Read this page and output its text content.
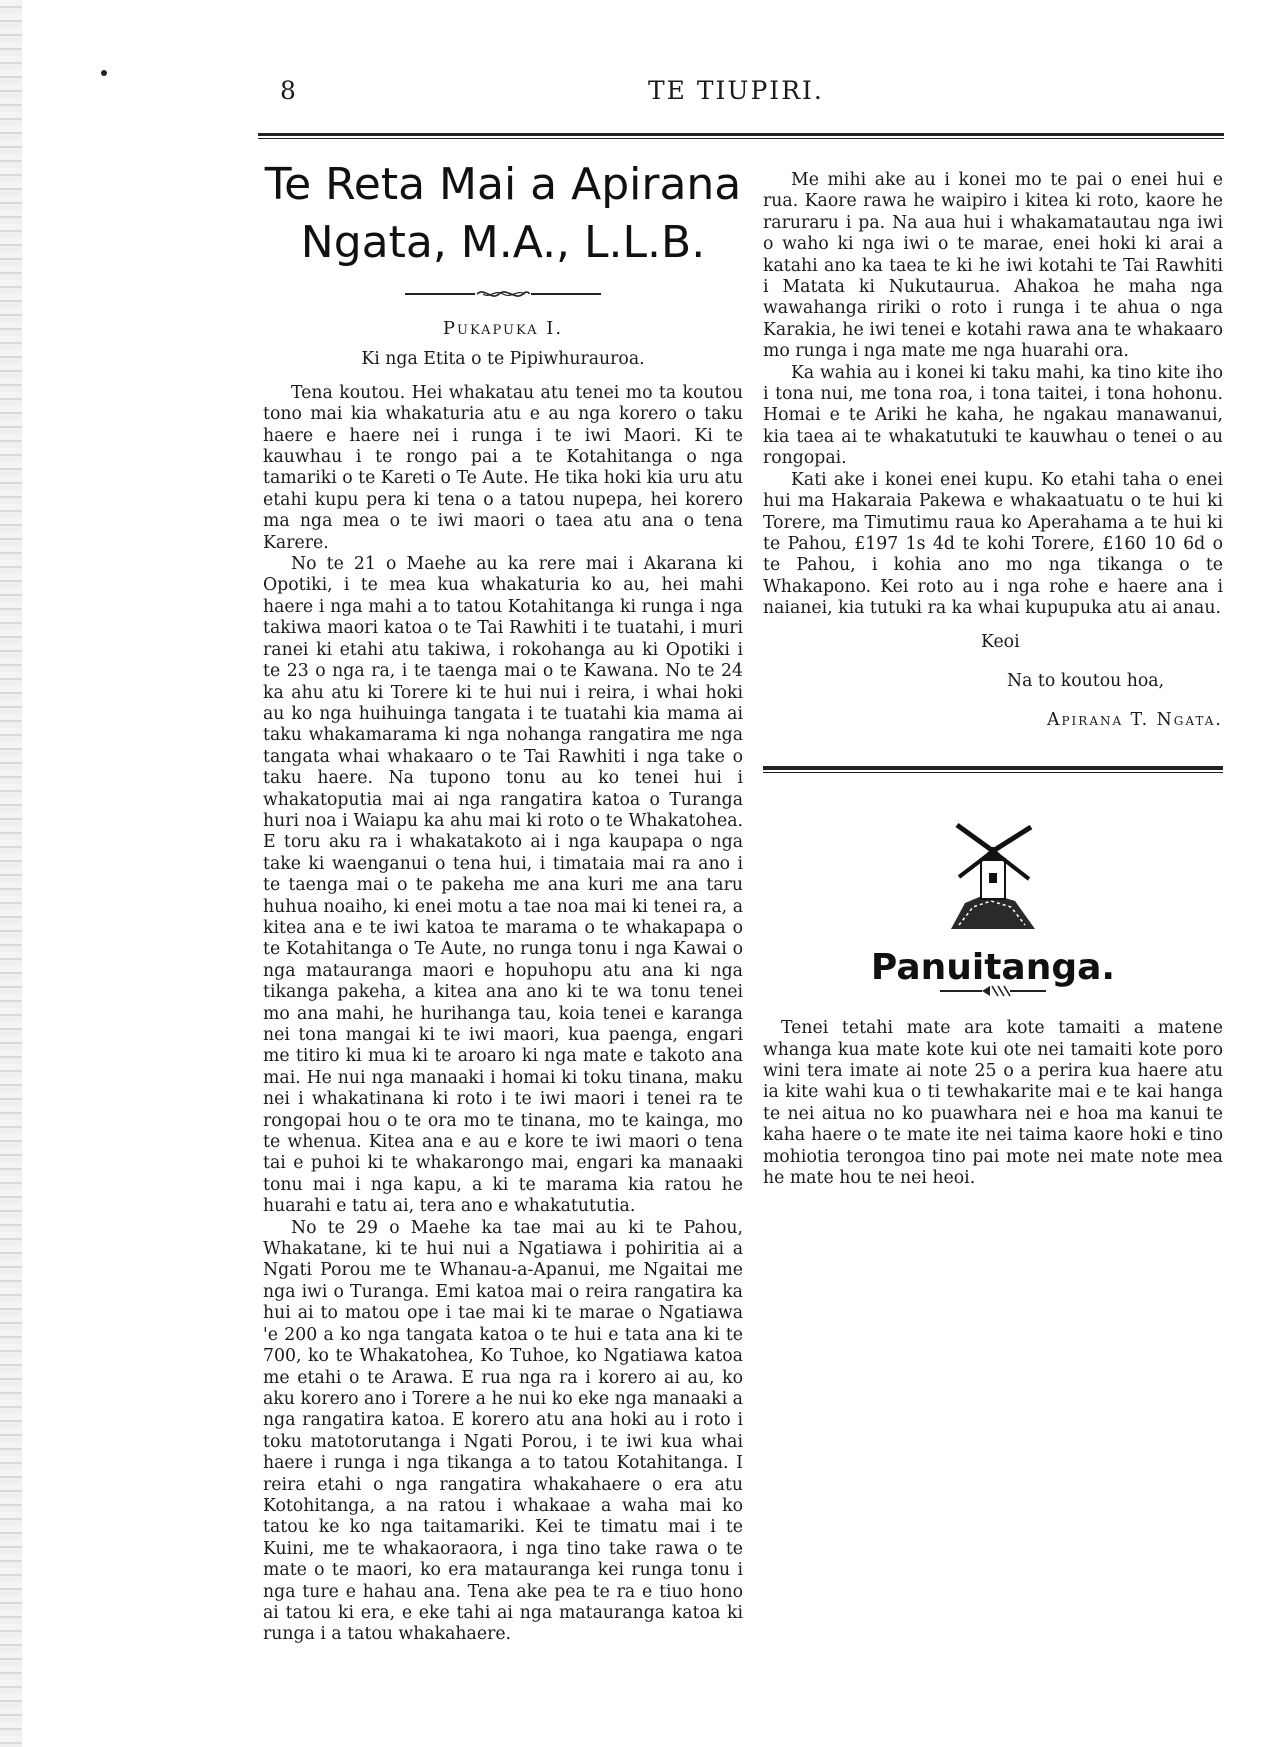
8	TE TIUPIRI.
Te Reta Mai a Apirana
Ngata, M.A., L.L.B.
Pukapuka I.
Ki nga Etita o te Pipiwhurauroa.

Tena koutou. Hei whakatau atu tenei mo ta koutou tono mai kia whakaturia atu e au nga korero o taku haere e haere nei i runga i te iwi Maori. Ki te kauwhau i te rongo pai a te Kotahitanga o nga tamariki o te Kareti o Te Aute. He tika hoki kia uru atu etahi kupu pera ki tena o a tatou nupepa, hei korero ma nga mea o te iwi maori o taea atu ana o tena Karere.

No te 21 o Maehe au ka rere mai i Akarana ki Opotiki, i te mea kua whakaturia ko au, hei mahi haere i nga mahi a to tatou Kotahitanga ki runga i nga takiwa maori katoa o te Tai Rawhiti i te tuatahi, i muri ranei ki etahi atu takiwa, i rokohanga au ki Opotiki i te 23 o nga ra, i te taenga mai o te Kawana. No te 24 ka ahu atu ki Torere ki te hui nui i reira, i whai hoki au ko nga huihuinga tangata i te tuatahi kia mama ai taku whakamarama ki nga nohanga rangatira me nga tangata whai whakaaro o te Tai Rawhiti i nga take o taku haere. Na tupono tonu au ko tenei hui i whakatoputia mai ai nga rangatira katoa o Turanga huri noa i Waiapu ka ahu mai ki roto o te Whakatohea. E toru aku ra i whakatakoto ai i nga kaupapa o nga take ki waenganui o tena hui, i timataia mai ra ano i te taenga mai o te pakeha me ana kuri me ana taru huhua noaiho, ki enei motu a tae noa mai ki tenei ra, a kitea ana e te iwi katoa te marama o te whakapapa o te Kotahitanga o Te Aute, no runga tonu i nga Kawai o nga matauranga maori e hopuhopu atu ana ki nga tikanga pakeha, a kitea ana ano ki te wa tonu tenei mo ana mahi, he hurihanga tau, koia tenei e karanga nei tona mangai ki te iwi maori, kua paenga, engari me titiro ki mua ki te aroaro ki nga mate e takoto ana mai. He nui nga manaaki i homai ki toku tinana, maku nei i whakatinana ki roto i te iwi maori i tenei ra te rongopai hou o te ora mo te tinana, mo te kainga, mo te whenua. Kitea ana e au e kore te iwi maori o tena tai e puhoi ki te whakarongo mai, engari ka manaaki tonu mai i nga kapu, a ki te marama kia ratou he huarahi e tatu ai, tera ano e whakatututia.

No te 29 o Maehe ka tae mai au ki te Pahou, Whakatane, ki te hui nui a Ngatiawa i pohiritia ai a Ngati Porou me te Whanau-a-Apanui, me Ngaitai me nga iwi o Turanga. Emi katoa mai o reira rangatira ka hui ai to matou ope i tae mai ki te marae o Ngatiawa 'e 200 a ko nga tangata katoa o te hui e tata ana ki te 700, ko te Whakatohea, Ko Tuhoe, ko Ngatiawa katoa me etahi o te Arawa. E rua nga ra i korero ai au, ko aku korero ano i Torere a he nui ko eke nga manaaki a nga rangatira katoa. E korero atu ana hoki au i roto i toku matotorutanga i Ngati Porou, i te iwi kua whai haere i runga i nga tikanga a to tatou Kotahitanga. I reira etahi o nga rangatira whakahaere o era atu Kotohitanga, a na ratou i whakaae a waha mai ko tatou ke ko nga taitamariki. Kei te timatu mai i te Kuini, me te whakaoraora, i nga tino take rawa o te mate o te maori, ko era matauranga kei runga tonu i nga ture e hahau ana. Tena ake pea te ra e tiuo hono ai tatou ki era, e eke tahi ai nga matauranga katoa ki runga i a tatou whakahaere.

Me mihi ake au i konei mo te pai o enei hui e rua. Kaore rawa he waipiro i kitea ki roto, kaore he raruraru i pa. Na aua hui i whakamatautau nga iwi o waho ki nga iwi o te marae, enei hoki ki arai a katahi ano ka taea te ki he iwi kotahi te Tai Rawhiti i Matata ki Nukutaurua. Ahakoa he maha nga wawahanga ririki o roto i runga i te ahua o nga Karakia, he iwi tenei e kotahi rawa ana te whakaaro mo runga i nga mate me nga huarahi ora.

Ka wahia au i konei ki taku mahi, ka tino kite iho i tona nui, me tona roa, i tona taitei, i tona hohonu. Homai e te Ariki he kaha, he ngakau manawanui, kia taea ai te whakatutuki te kauwhau o tenei o au rongopai.

Kati ake i konei enei kupu. Ko etahi taha o enei hui ma Hakaraia Pakewa e whakaatuatu o te hui ki Torere, ma Timutimu raua ko Aperahama a te hui ki te Pahou, £197 1s 4d te kohi Torere, £160 10 6d o te Pahou, i kohia ano mo nga tikanga o te Whakapono. Kei roto au i nga rohe e haere ana i naianei, kia tutuki ra ka whai kupupuka atu ai anau.

Keoi
Na to koutou hoa,
Apirana T. Ngata.
Panuitanga.

Tenei tetahi mate ara kote tamaiti a matene whanga kua mate kote kui ote nei tamaiti kote poro wini tera imate ai note 25 o a perira kua haere atu ia kite wahi kua o ti tewhakarite mai e te kai hanga te nei aitua no ko puawhara nei e hoa ma kanui te kaha haere o te mate ite nei taima kaore hoki e tino mohiotia terongoa tino pai mote nei mate note mea he mate hou te nei heoi.
